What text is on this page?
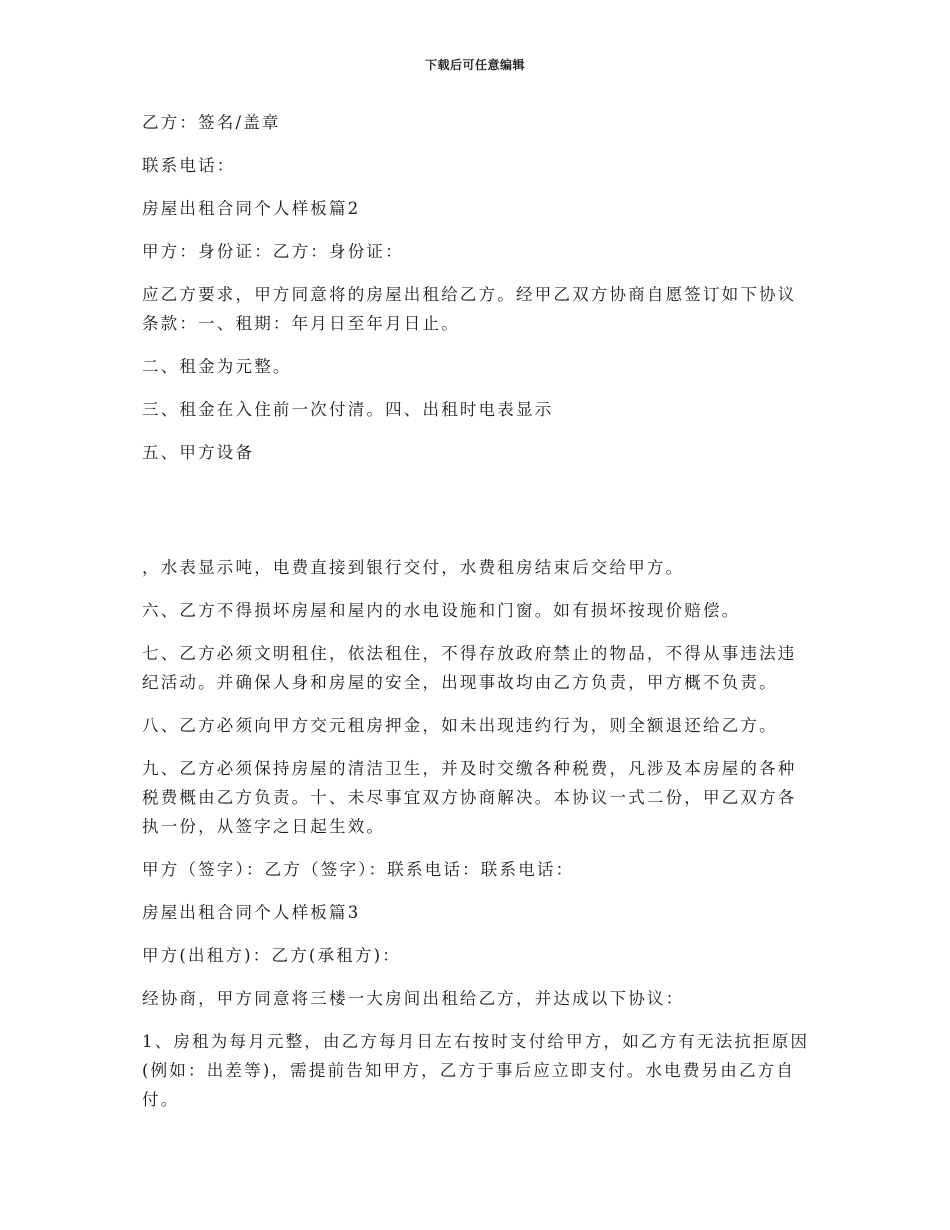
下载后可任意编辑

乙方：签名/盖章

联系电话：

房屋出租合同个人样板篇2

甲方：身份证：乙方：身份证：

应乙方要求，甲方同意将的房屋出租给乙方。经甲乙双方协商自愿签订如下协议条款：一、租期：年月日至年月日止。

二、租金为元整。

三、租金在入住前一次付清。四、出租时电表显示

五、甲方设备

，水表显示吨，电费直接到银行交付，水费租房结束后交给甲方。

六、乙方不得损坏房屋和屋内的水电设施和门窗。如有损坏按现价赔偿。

七、乙方必须文明租住，依法租住，不得存放政府禁止的物品，不得从事违法违纪活动。并确保人身和房屋的安全，出现事故均由乙方负责，甲方概不负责。

八、乙方必须向甲方交元租房押金，如未出现违约行为，则全额退还给乙方。

九、乙方必须保持房屋的清洁卫生，并及时交缴各种税费，凡涉及本房屋的各种税费概由乙方负责。十、未尽事宜双方协商解决。本协议一式二份，甲乙双方各执一份，从签字之日起生效。

甲方（签字）：乙方（签字）：联系电话：联系电话：

房屋出租合同个人样板篇3

甲方(出租方)：乙方(承租方)：

经协商，甲方同意将三楼一大房间出租给乙方，并达成以下协议：

1、房租为每月元整，由乙方每月日左右按时支付给甲方，如乙方有无法抗拒原因(例如：出差等)，需提前告知甲方，乙方于事后应立即支付。水电费另由乙方自付。
